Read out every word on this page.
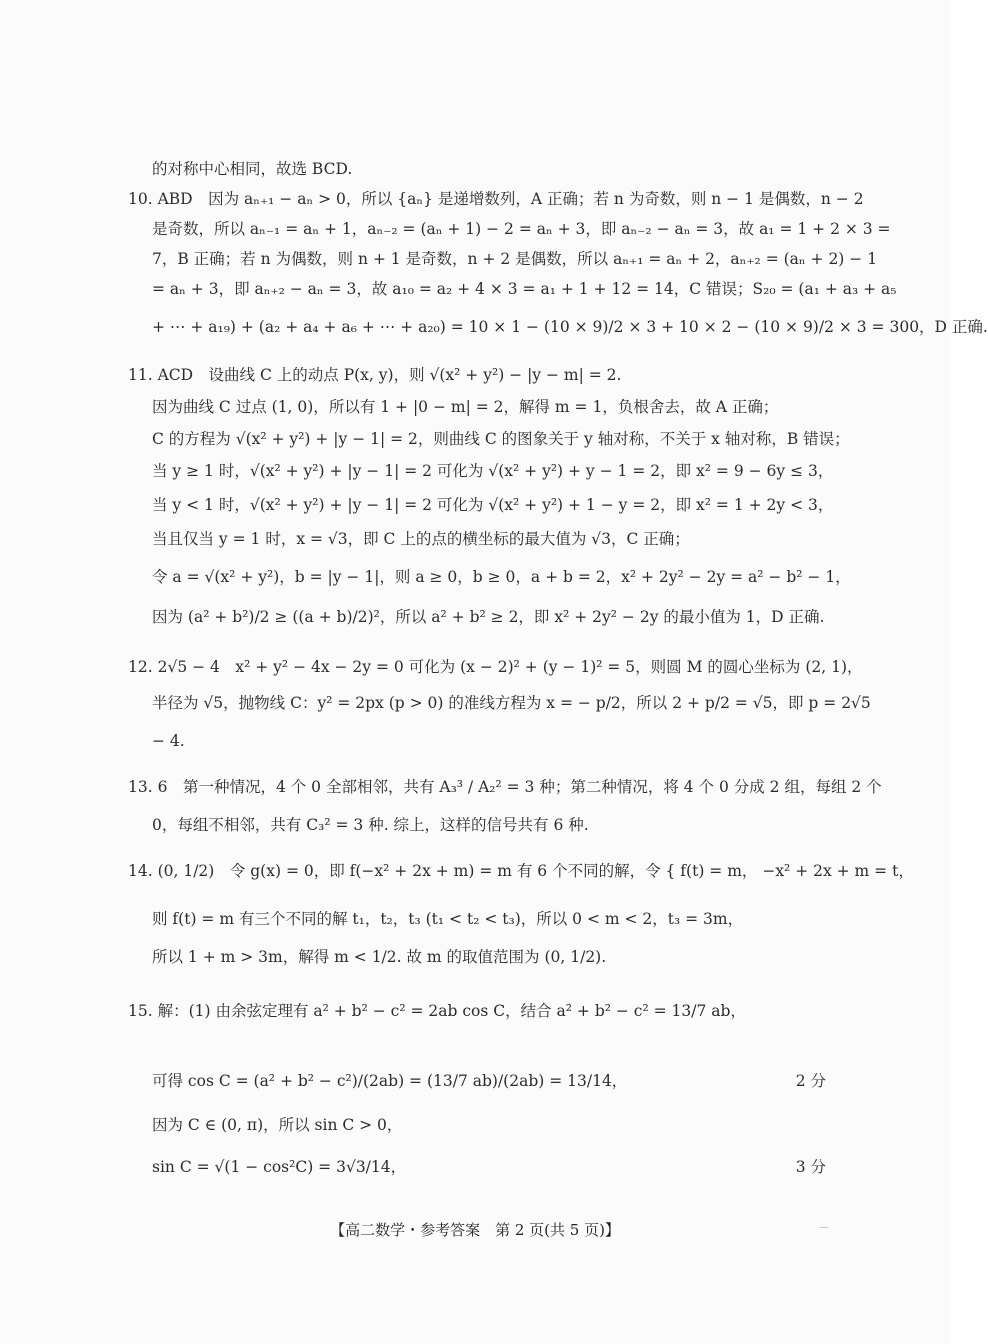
的对称中心相同，故选 BCD.
10. ABD　因为 aₙ₊₁ − aₙ > 0，所以 {aₙ} 是递增数列，A 正确；若 n 为奇数，则 n − 1 是偶数，n − 2
是奇数，所以 aₙ₋₁ = aₙ + 1，aₙ₋₂ = (aₙ + 1) − 2 = aₙ + 3，即 aₙ₋₂ − aₙ = 3，故 a₁ = 1 + 2 × 3 =
7，B 正确；若 n 为偶数，则 n + 1 是奇数，n + 2 是偶数，所以 aₙ₊₁ = aₙ + 2，aₙ₊₂ = (aₙ + 2) − 1
= aₙ + 3，即 aₙ₊₂ − aₙ = 3，故 a₁₀ = a₂ + 4 × 3 = a₁ + 1 + 12 = 14，C 错误；S₂₀ = (a₁ + a₃ + a₅
+ ⋯ + a₁₉) + (a₂ + a₄ + a₆ + ⋯ + a₂₀) = 10 × 1 − (10 × 9)/2 × 3 + 10 × 2 − (10 × 9)/2 × 3 = 300，D 正确.
11. ACD　设曲线 C 上的动点 P(x, y)，则 √(x² + y²) − |y − m| = 2.
因为曲线 C 过点 (1, 0)，所以有 1 + |0 − m| = 2，解得 m = 1，负根舍去，故 A 正确；
C 的方程为 √(x² + y²) + |y − 1| = 2，则曲线 C 的图象关于 y 轴对称，不关于 x 轴对称，B 错误；
当 y ≥ 1 时，√(x² + y²) + |y − 1| = 2 可化为 √(x² + y²) + y − 1 = 2，即 x² = 9 − 6y ≤ 3，
当 y < 1 时，√(x² + y²) + |y − 1| = 2 可化为 √(x² + y²) + 1 − y = 2，即 x² = 1 + 2y < 3，
当且仅当 y = 1 时，x = √3，即 C 上的点的横坐标的最大值为 √3，C 正确；
令 a = √(x² + y²)，b = |y − 1|，则 a ≥ 0，b ≥ 0，a + b = 2，x² + 2y² − 2y = a² − b² − 1，
因为 (a² + b²)/2 ≥ ((a + b)/2)²，所以 a² + b² ≥ 2，即 x² + 2y² − 2y 的最小值为 1，D 正确.
12. 2√5 − 4　x² + y² − 4x − 2y = 0 可化为 (x − 2)² + (y − 1)² = 5，则圆 M 的圆心坐标为 (2, 1)，
半径为 √5，抛物线 C：y² = 2px (p > 0) 的准线方程为 x = − p/2，所以 2 + p/2 = √5，即 p = 2√5
− 4.
13. 6　第一种情况，4 个 0 全部相邻，共有 A₃³ / A₂² = 3 种；第二种情况，将 4 个 0 分成 2 组，每组 2 个
0，每组不相邻，共有 C₃² = 3 种. 综上，这样的信号共有 6 种.
14. (0, 1/2)　令 g(x) = 0，即 f(−x² + 2x + m) = m 有 6 个不同的解，令 { f(t) = m， −x² + 2x + m = t，
则 f(t) = m 有三个不同的解 t₁，t₂，t₃ (t₁ < t₂ < t₃)，所以 0 < m < 2，t₃ = 3m，
所以 1 + m > 3m，解得 m < 1/2. 故 m 的取值范围为 (0, 1/2).
15. 解：(1) 由余弦定理有 a² + b² − c² = 2ab cos C，结合 a² + b² − c² = 13/7 ab，
可得 cos C = (a² + b² − c²)/(2ab) = (13/7 ab)/(2ab) = 13/14，	2 分
因为 C ∈ (0, π)，所以 sin C > 0，
sin C = √(1 − cos²C) = 3√3/14，	3 分
【高二数学・参考答案　第 2 页(共 5 页)】
